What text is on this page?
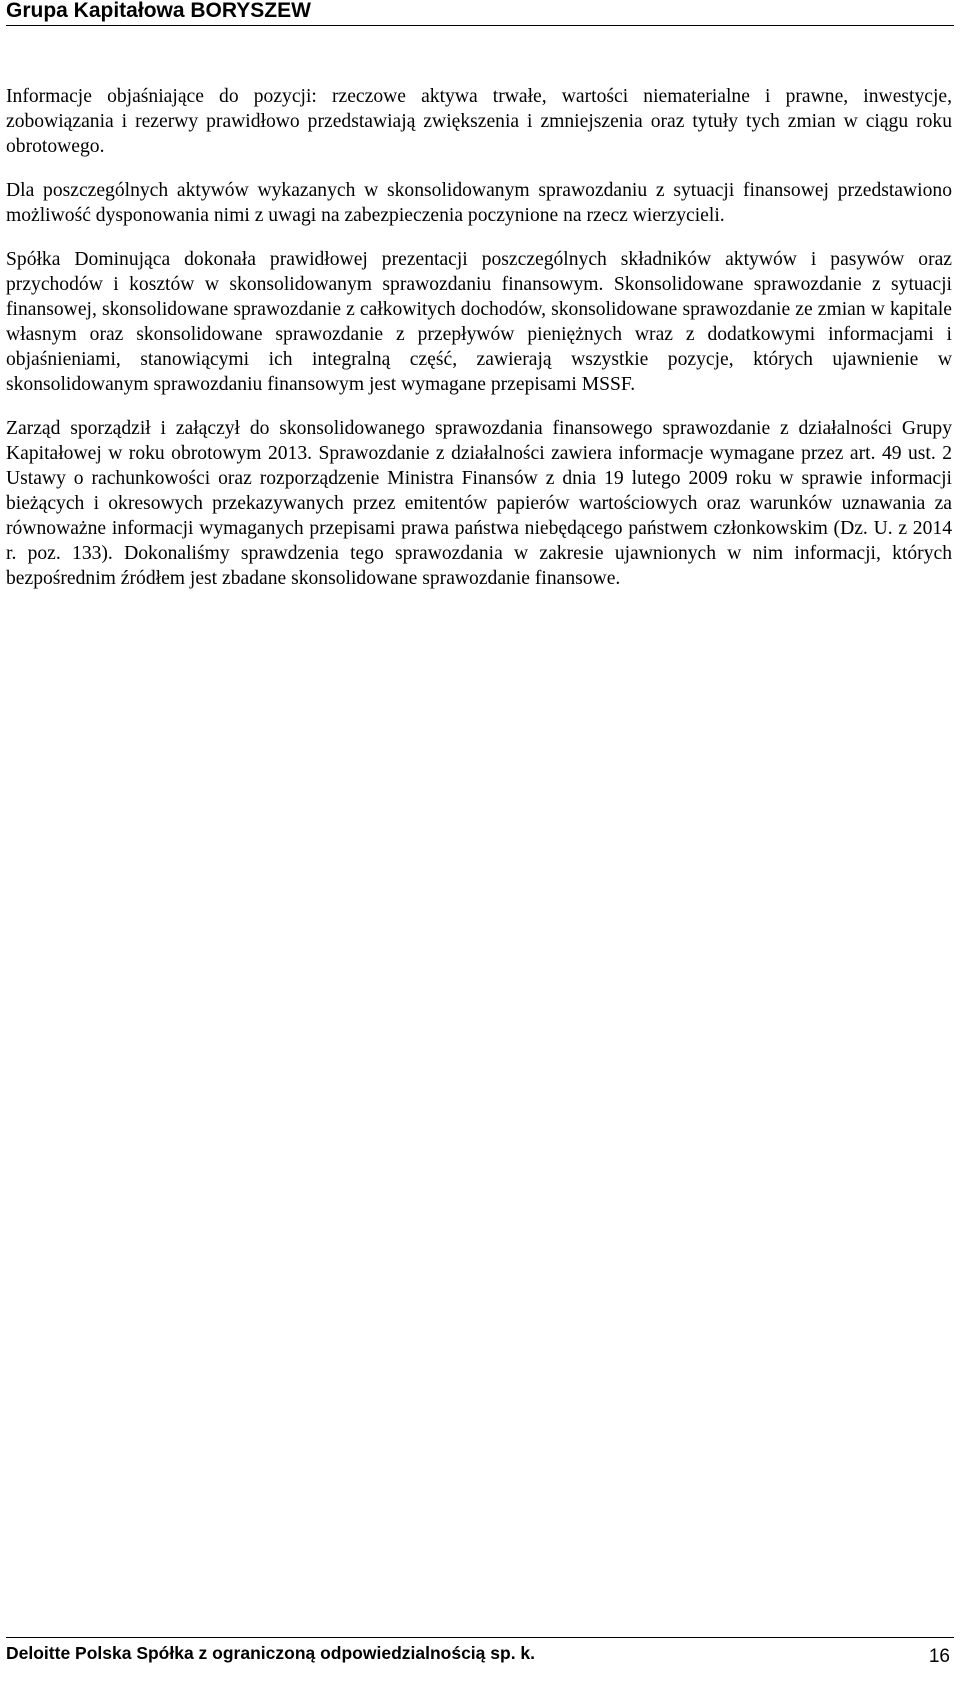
Grupa Kapitałowa BORYSZEW

Informacje objaśniające do pozycji: rzeczowe aktywa trwałe, wartości niematerialne i prawne, inwestycje, zobowiązania i rezerwy prawidłowo przedstawiają zwiększenia i zmniejszenia oraz tytuły tych zmian w ciągu roku obrotowego.

Dla poszczególnych aktywów wykazanych w skonsolidowanym sprawozdaniu z sytuacji finansowej przedstawiono możliwość dysponowania nimi z uwagi na zabezpieczenia poczynione na rzecz wierzycieli.

Spółka Dominująca dokonała prawidłowej prezentacji poszczególnych składników aktywów i pasywów oraz przychodów i kosztów w skonsolidowanym sprawozdaniu finansowym. Skonsolidowane sprawozdanie z sytuacji finansowej, skonsolidowane sprawozdanie z całkowitych dochodów, skonsolidowane sprawozdanie ze zmian w kapitale własnym oraz skonsolidowane sprawozdanie z przepływów pieniężnych wraz z dodatkowymi informacjami i objaśnieniami, stanowiącymi ich integralną część, zawierają wszystkie pozycje, których ujawnienie w skonsolidowanym sprawozdaniu finansowym jest wymagane przepisami MSSF.

Zarząd sporządził i załączył do skonsolidowanego sprawozdania finansowego sprawozdanie z działalności Grupy Kapitałowej w roku obrotowym 2013. Sprawozdanie z działalności zawiera informacje wymagane przez art. 49 ust. 2 Ustawy o rachunkowości oraz rozporządzenie Ministra Finansów z dnia 19 lutego 2009 roku w sprawie informacji bieżących i okresowych przekazywanych przez emitentów papierów wartościowych oraz warunków uznawania za równoważne informacji wymaganych przepisami prawa państwa niebędącego państwem członkowskim (Dz. U. z 2014 r. poz. 133). Dokonaliśmy sprawdzenia tego sprawozdania w zakresie ujawnionych w nim informacji, których bezpośrednim źródłem jest zbadane skonsolidowane sprawozdanie finansowe.

Deloitte Polska Spółka z ograniczoną odpowiedzialnością sp. k.	16
